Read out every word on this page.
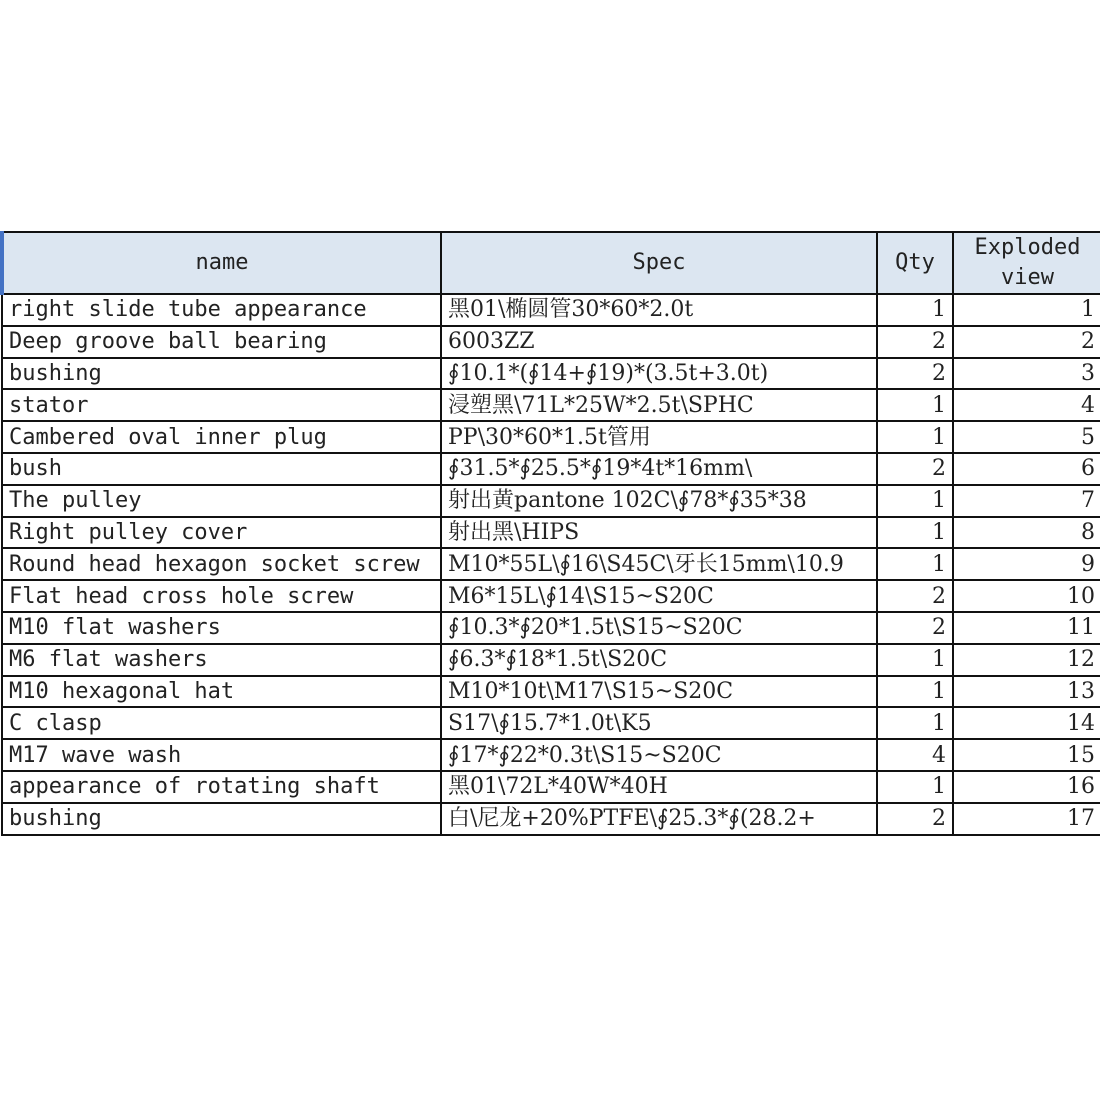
name	Spec	Qty	Exploded
view
right slide tube appearance	黑01\椭圆管30*60*2.0t	1	1
Deep groove ball bearing	6003ZZ	2	2
bushing	∮10.1*(∮14+∮19)*(3.5t+3.0t)	2	3
stator	浸塑黑\71L*25W*2.5t\SPHC	1	4
Cambered oval inner plug	PP\30*60*1.5t管用	1	5
bush	∮31.5*∮25.5*∮19*4t*16mm\	2	6
The pulley	射出黄pantone 102C\∮78*∮35*38	1	7
Right pulley cover	射出黑\HIPS	1	8
Round head hexagon socket screw	M10*55L\∮16\S45C\牙长15mm\10.9	1	9
Flat head cross hole screw	M6*15L\∮14\S15~S20C	2	10
M10 flat washers	∮10.3*∮20*1.5t\S15~S20C	2	11
M6 flat washers	∮6.3*∮18*1.5t\S20C	1	12
M10 hexagonal hat	M10*10t\M17\S15~S20C	1	13
C clasp	S17\∮15.7*1.0t\K5	1	14
M17 wave wash	∮17*∮22*0.3t\S15~S20C	4	15
appearance of rotating shaft	黑01\72L*40W*40H	1	16
bushing	白\尼龙+20%PTFE\∮25.3*∮(28.2+	2	17
